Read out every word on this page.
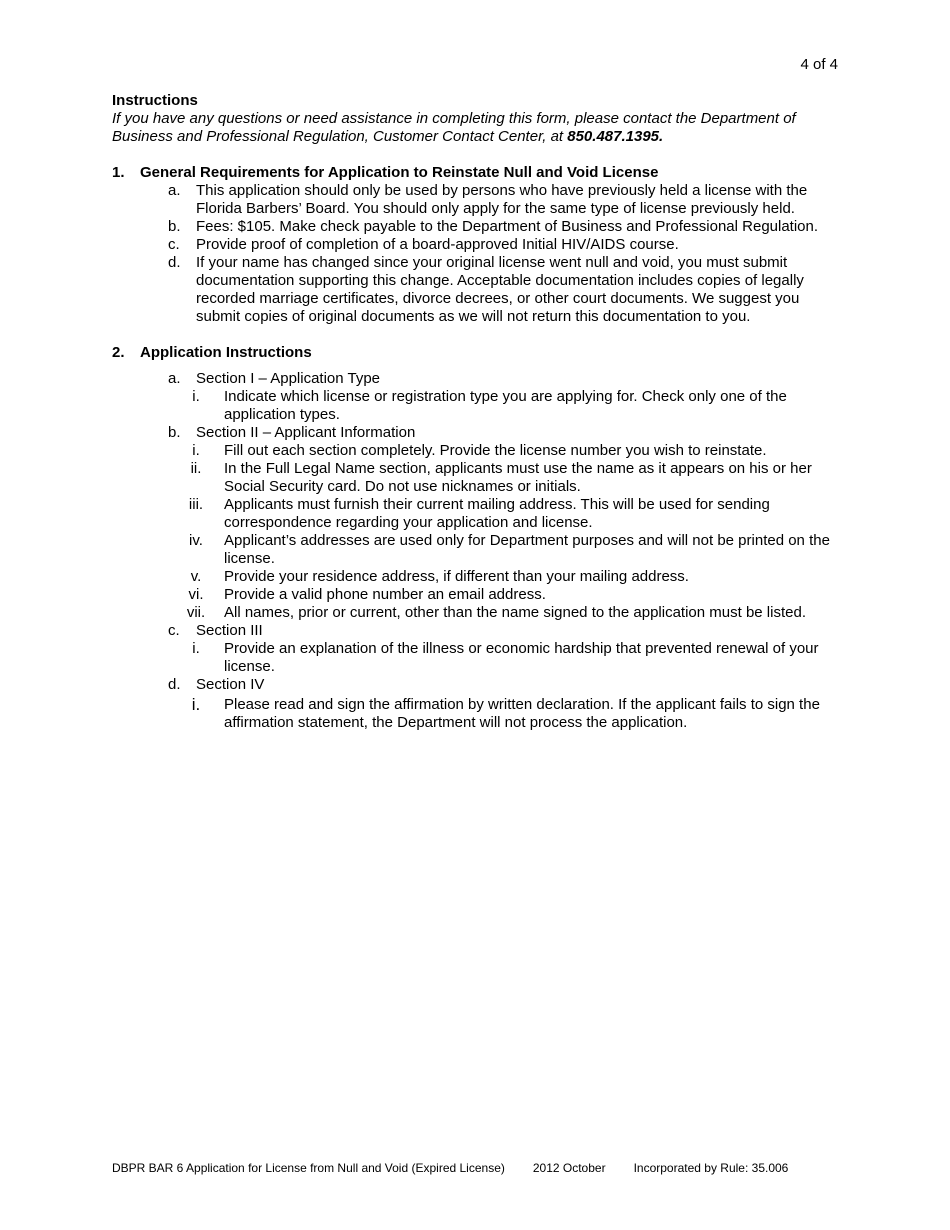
4 of 4
Instructions
If you have any questions or need assistance in completing this form, please contact the Department of Business and Professional Regulation, Customer Contact Center, at 850.487.1395.
1.	General Requirements for Application to Reinstate Null and Void License
a.	This application should only be used by persons who have previously held a license with the Florida Barbers’ Board. You should only apply for the same type of license previously held.
b.	Fees: $105. Make check payable to the Department of Business and Professional Regulation.
c.	Provide proof of completion of a board-approved Initial HIV/AIDS course.
d.	If your name has changed since your original license went null and void, you must submit documentation supporting this change. Acceptable documentation includes copies of legally recorded marriage certificates, divorce decrees, or other court documents. We suggest you submit copies of original documents as we will not return this documentation to you.
2.	Application Instructions
a.	Section I – Application Type
i.	Indicate which license or registration type you are applying for. Check only one of the application types.
b.	Section II – Applicant Information
i.	Fill out each section completely. Provide the license number you wish to reinstate.
ii.	In the Full Legal Name section, applicants must use the name as it appears on his or her Social Security card. Do not use nicknames or initials.
iii.	Applicants must furnish their current mailing address. This will be used for sending correspondence regarding your application and license.
iv.	Applicant’s addresses are used only for Department purposes and will not be printed on the license.
v.	Provide your residence address, if different than your mailing address.
vi.	Provide a valid phone number an email address.
vii.	All names, prior or current, other than the name signed to the application must be listed.
c.	Section III
i.	Provide an explanation of the illness or economic hardship that prevented renewal of your license.
d.	Section IV
i.	Please read and sign the affirmation by written declaration. If the applicant fails to sign the affirmation statement, the Department will not process the application.
DBPR BAR 6 Application for License from Null and Void (Expired License) 2012 October Incorporated by Rule: 35.006
